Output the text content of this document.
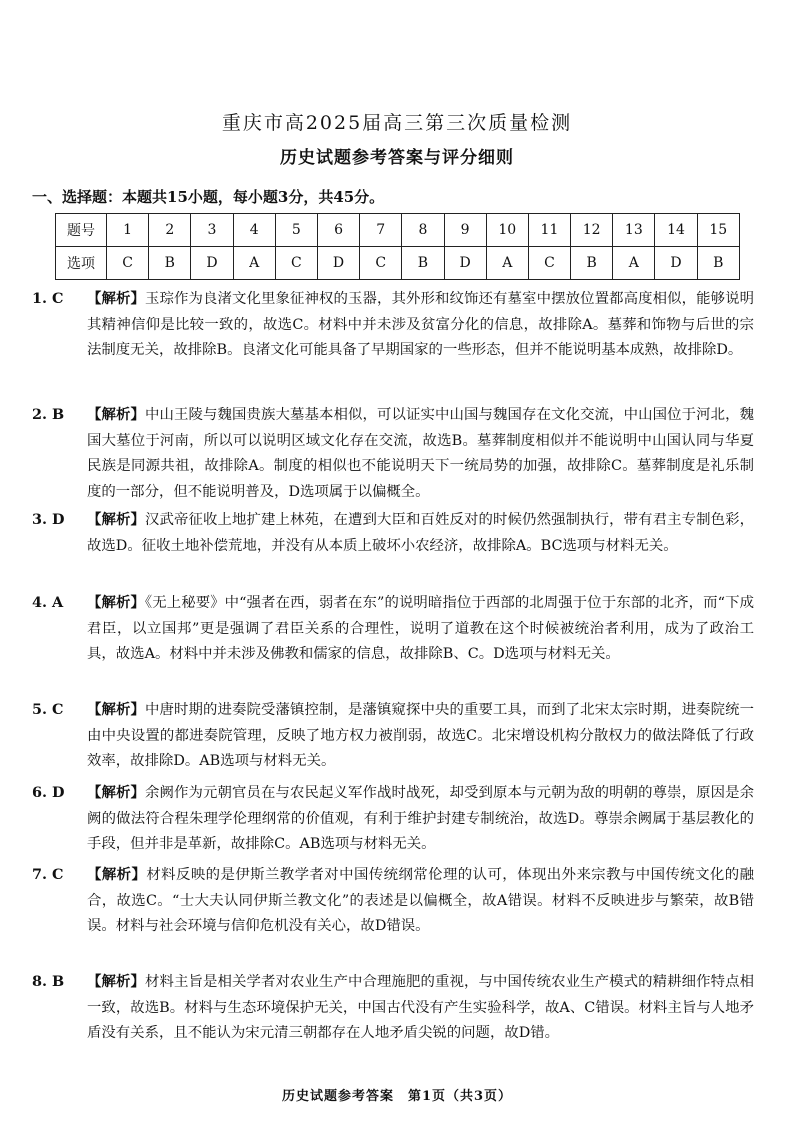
重庆市高2025届高三第三次质量检测
历史试题参考答案与评分细则
一、选择题：本题共15小题，每小题3分，共45分。
题号	1	2	3	4	5	6	7	8	9	10	11	12	13	14	15
选项	C	B	D	A	C	D	C	B	D	A	C	B	A	D	B
1. C	【解析】玉琮作为良渚文化里象征神权的玉器，其外形和纹饰还有墓室中摆放位置都高度相似，能够说明其精神信仰是比较一致的，故选C。材料中并未涉及贫富分化的信息，故排除A。墓葬和饰物与后世的宗法制度无关，故排除B。良渚文化可能具备了早期国家的一些形态，但并不能说明基本成熟，故排除D。
2. B	【解析】中山王陵与魏国贵族大墓基本相似，可以证实中山国与魏国存在文化交流，中山国位于河北，魏国大墓位于河南，所以可以说明区域文化存在交流，故选B。墓葬制度相似并不能说明中山国认同与华夏民族是同源共祖，故排除A。制度的相似也不能说明天下一统局势的加强，故排除C。墓葬制度是礼乐制度的一部分，但不能说明普及，D选项属于以偏概全。
3. D	【解析】汉武帝征收上地扩建上林苑，在遭到大臣和百姓反对的时候仍然强制执行，带有君主专制色彩，故选D。征收土地补偿荒地，并没有从本质上破坏小农经济，故排除A。BC选项与材料无关。
4. A	【解析】《无上秘要》中“强者在西，弱者在东”的说明暗指位于西部的北周强于位于东部的北齐，而“下成君臣，以立国邦”更是强调了君臣关系的合理性，说明了道教在这个时候被统治者利用，成为了政治工具，故选A。材料中并未涉及佛教和儒家的信息，故排除B、C。D选项与材料无关。
5. C	【解析】中唐时期的进奏院受藩镇控制，是藩镇窥探中央的重要工具，而到了北宋太宗时期，进奏院统一由中央设置的都进奏院管理，反映了地方权力被削弱，故选C。北宋增设机构分散权力的做法降低了行政效率，故排除D。AB选项与材料无关。
6. D	【解析】余阙作为元朝官员在与农民起义军作战时战死，却受到原本与元朝为敌的明朝的尊崇，原因是余阙的做法符合程朱理学伦理纲常的价值观，有利于维护封建专制统治，故选D。尊崇余阙属于基层教化的手段，但并非是革新，故排除C。AB选项与材料无关。
7. C	【解析】材料反映的是伊斯兰教学者对中国传统纲常伦理的认可，体现出外来宗教与中国传统文化的融合，故选C。“士大夫认同伊斯兰教文化”的表述是以偏概全，故A错误。材料不反映进步与繁荣，故B错误。材料与社会环境与信仰危机没有关心，故D错误。
8. B	【解析】材料主旨是相关学者对农业生产中合理施肥的重视，与中国传统农业生产模式的精耕细作特点相一致，故选B。材料与生态环境保护无关，中国古代没有产生实验科学，故A、C错误。材料主旨与人地矛盾没有关系，且不能认为宋元清三朝都存在人地矛盾尖锐的问题，故D错。
历史试题参考答案　第1页（共3页）
